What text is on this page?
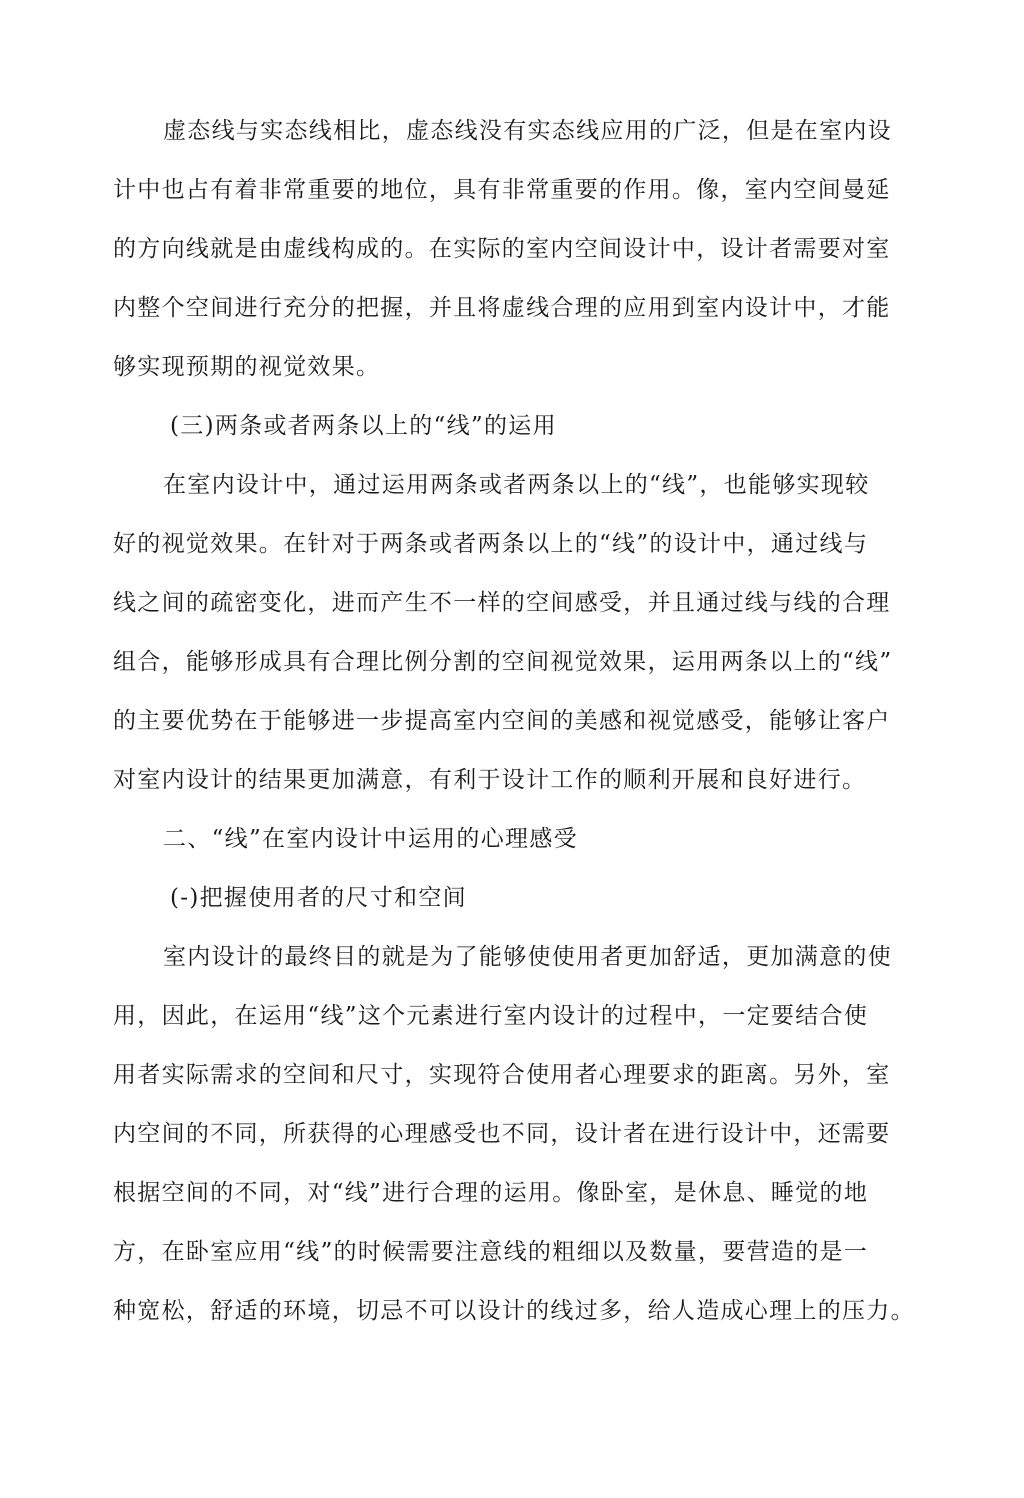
虚态线与实态线相比，虚态线没有实态线应用的广泛，但是在室内设
计中也占有着非常重要的地位，具有非常重要的作用。像，室内空间曼延
的方向线就是由虚线构成的。在实际的室内空间设计中，设计者需要对室
内整个空间进行充分的把握，并且将虚线合理的应用到室内设计中，才能
够实现预期的视觉效果。
(三)两条或者两条以上的“线”的运用
在室内设计中，通过运用两条或者两条以上的“线”，也能够实现较
好的视觉效果。在针对于两条或者两条以上的“线”的设计中，通过线与
线之间的疏密变化，进而产生不一样的空间感受，并且通过线与线的合理
组合，能够形成具有合理比例分割的空间视觉效果，运用两条以上的“线”
的主要优势在于能够进一步提高室内空间的美感和视觉感受，能够让客户
对室内设计的结果更加满意，有利于设计工作的顺利开展和良好进行。
二、“线”在室内设计中运用的心理感受
(-)把握使用者的尺寸和空间
室内设计的最终目的就是为了能够使使用者更加舒适，更加满意的使
用，因此，在运用“线”这个元素进行室内设计的过程中，一定要结合使
用者实际需求的空间和尺寸，实现符合使用者心理要求的距离。另外，室
内空间的不同，所获得的心理感受也不同，设计者在进行设计中，还需要
根据空间的不同，对“线”进行合理的运用。像卧室，是休息、睡觉的地
方，在卧室应用“线”的时候需要注意线的粗细以及数量，要营造的是一
种宽松，舒适的环境，切忌不可以设计的线过多，给人造成心理上的压力。
